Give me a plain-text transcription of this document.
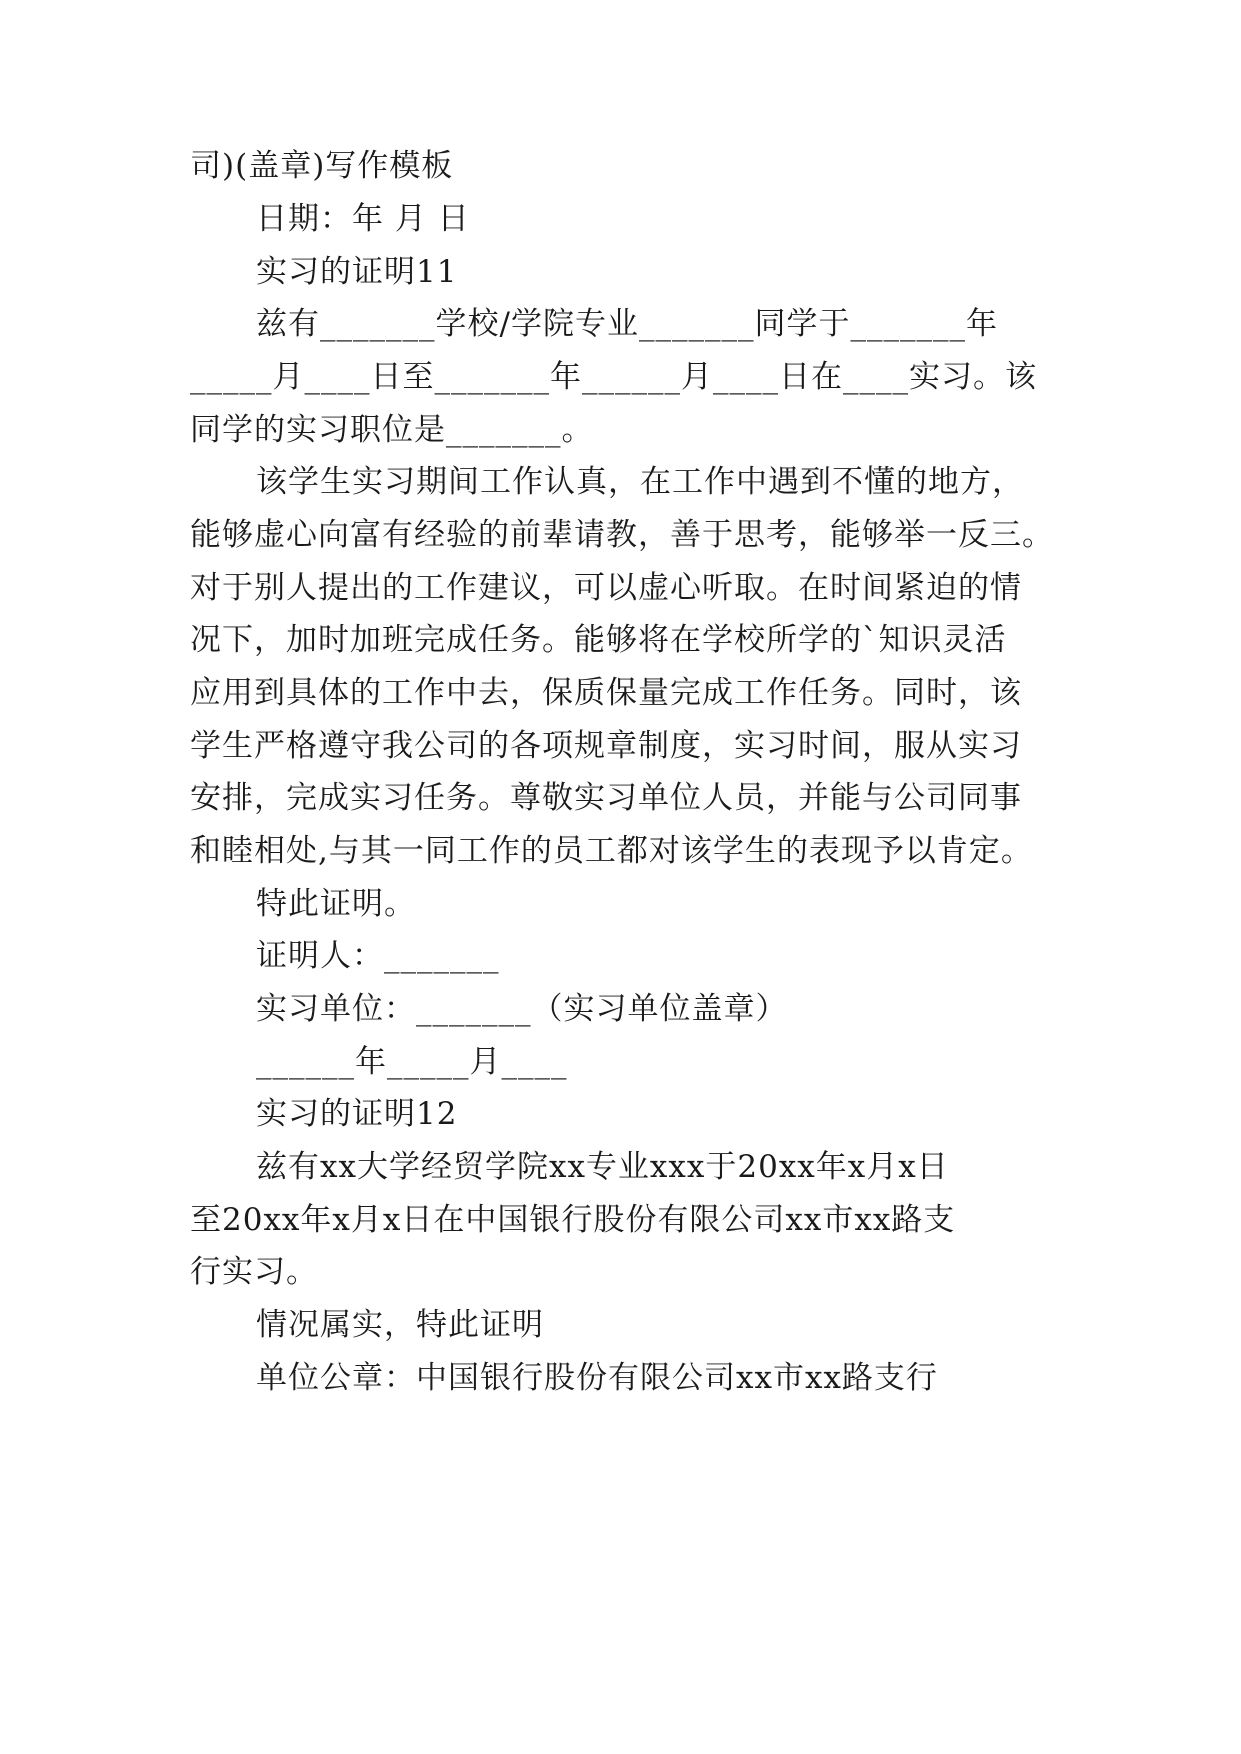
司)(盖章)写作模板
日期：年 月 日
实习的证明11
兹有_______学校/学院专业_______同学于_______年
_____月____日至_______年______月____日在____实习。该
同学的实习职位是_______。
该学生实习期间工作认真，在工作中遇到不懂的地方，
能够虚心向富有经验的前辈请教，善于思考，能够举一反三。
对于别人提出的工作建议，可以虚心听取。在时间紧迫的情
况下，加时加班完成任务。能够将在学校所学的`知识灵活
应用到具体的工作中去，保质保量完成工作任务。同时，该
学生严格遵守我公司的各项规章制度，实习时间，服从实习
安排，完成实习任务。尊敬实习单位人员，并能与公司同事
和睦相处,与其一同工作的员工都对该学生的表现予以肯定。
特此证明。
证明人：_______
实习单位：_______（实习单位盖章）
______年_____月____
实习的证明12
兹有xx大学经贸学院xx专业xxx于20xx年x月x日
至20xx年x月x日在中国银行股份有限公司xx市xx路支
行实习。
情况属实，特此证明
单位公章：中国银行股份有限公司xx市xx路支行
